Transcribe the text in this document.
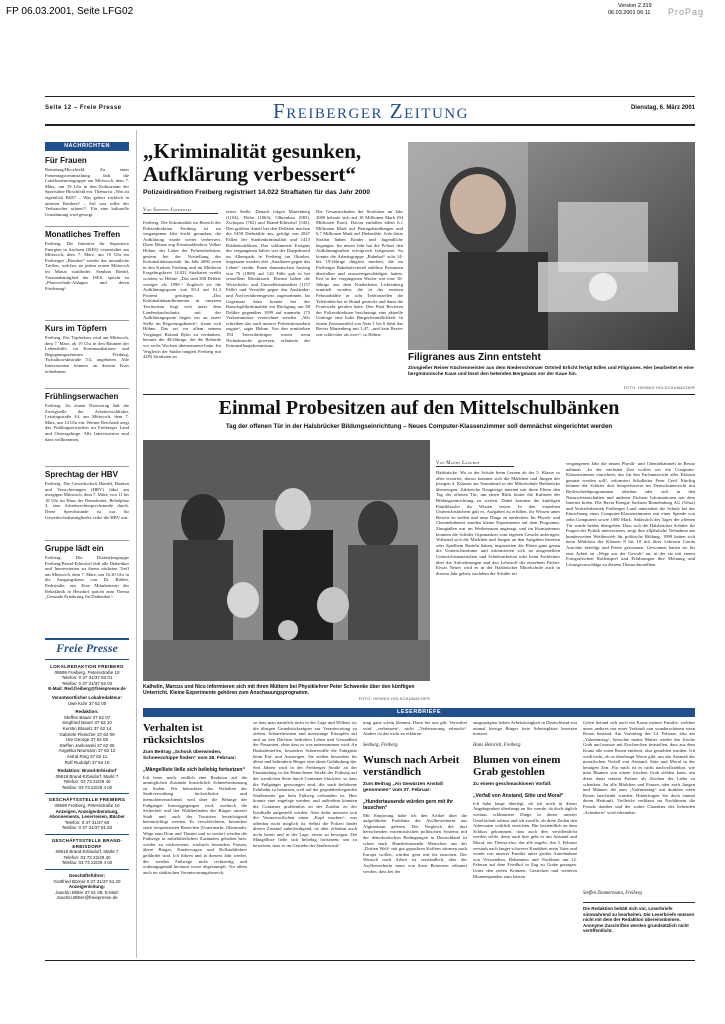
FP 06.03.2001, Seite LFG02	Version 2.319
06.03.2001 06:11 ProPag
Seite 12 – Freie Presse	Freiberger Zeitung	Dienstag, 6. März 2001
NACHRICHTEN
Für Frauen
Reinsberg/Hirschfeld. Zu einer Frauentagsveranstaltung lädt die Landfrauenortsgruppe am Mittwoch, dem 7. März, um 19 Uhr in den Kulturraum der Sportstätte Hirschfeld ein. Thema ist „Was ist eigentlich BSE? – Was gehört wirklich in unseren Kindern? – Auf was sollte der Verbraucher achten?“. Für eine kulturelle Umrahmung wird gesorgt.
Monatliches Treffen
Freiberg. Die Initiative für Separative Energien in Sachsen (ISES) veranstaltet am Mittwoch, dem 7. März, um 19 Uhr im Freiberger „Brauhof“ wieder das monatliche Treffen, welches an jedem ersten Mittwoch im Monat stattfindet. Stephan Riedel, Vorstandsmitglied der ISES, spricht zu „Photovoltaik-Anlagen und deren Förderung“.
Kurs im Töpfern
Freiberg. Ein Töpferkurs wird am Mittwoch, dem 7. März, ab 19 Uhr in den Räumen der Lebenshilfe, im Kommunikations- und Begegnungszentrum Freiberg, Tschaikowskistraße 5/2, angeboten. Alle Interessenten können an diesem Kurs teilnehmen.
Frühlingserwachen
Freiberg. Zu einem Diavortrag lädt die Zweigstelle der Arbeiterwohlfahrt, Leistingstraße 44, am Mittwoch, dem 7. März, um 14 Uhr ein. Werner Reichardt zeigt das Frühlingserwachen im Freiberger Land und Osterzgebirge. Alle Interessierten sind dazu willkommen.
Sprechtag der HBV
Freiberg. Die Gewerkschaft Handel, Banken und Versicherungen (HBV) führt am morgigen Mittwoch, dem 7. März, von 11 bis 18 Uhr im Haus der Demokratie, Behelplatz 3, eine Arbeitsrechtssprechstunde durch. Diese Sprechstunde ist nur für Gewerkschaftsmitglieder, teilte die HBV mit.
Gruppe lädt ein
Freiberg. Die Diabetikergruppe Freiberg/Brand-Erbisdorf lädt alle Diabetiker und Interessierten zu ihrem nächsten Treff am Mittwoch, dem 7. März, um 16.30 Uhr in die Ausgangsbasis von Dr. Röhler, Parkstraße, ein. Eine Mitarbeiterin der Rehaklinik in Hetzdorf spricht zum Thema „Gesunde Ernährung für Diabetiker“.
Freie Presse
LOKALREDAKTION FREIBERG
09599 Freiberg, Petersstraße 10
Telefon: 0 37 31/37 62 01
Telefax: 0 37 31/37 62 02
E-Mail: Red.freiberg@freiepresse.de
Verantwortlicher Lokalredakteur:
Uwe Kuhr 37 62 00
Redaktion:
Steffen Bauer 37 62 07
Siegfried Bauer 37 62 10
Kerstin Blosetz 37 62 14
Gabriele Fleischer 37 62 09
Ute George 37 62 05
Steffen Jankowski 37 62 06
Angelika Neumann 37 62 12
Astrid Ring 37 62 11
Rolf Rudolph 37 62 10
Redaktion: Brand-Erbisdorf
09618 Brand-Erbisdorf, Markt 7
Telefon: 03 73 22/29 40
Telefax: 03 73 22/29 4 02
GESCHÄFTSSTELLE FREIBERG
09599 Freiberg, Petersstraße 10
Anzeigen, Anzeigenberatung, Abonnements, Leserreisen, Bücher
Telefon: 0 37 31/37 60
Telefax: 0 37 31/37 61 82
GESCHÄFTSSTELLE BRAND-ERBISDORF
09618 Brand-Erbisdorf, Markt 7
Telefon: 03 73 22/29 40
Telefax: 03 73 22/29 4 02
Geschäftsführer:
Gottfried Börner 0 37 31/37 61 20
Anzeigenleitung:
Joachin Blitter 37 61 08, E-Mail:
Joachin.Blitter@freiepresse.de
„Kriminalität gesunken, Aufklärung verbessert“
Polizeidirektion Freiberg registriert 14.022 Straftaten für das Jahr 2000
Von Steffen Jankowski
Freiberg. Die Kriminalität im Bereich der Polizeidirektion Freiberg ist im vergangenen Jahr leicht gesunken, die Aufklärung wurde weiter verbessert. Diese Bilanz zog Kriminaldirektor Volker Höhne, der Leiter der Polizeidirektion, gestern bei der Vorstellung der Kriminalitätsstatistik. Im Jahr 2000 seien in den Kreisen Freiberg und im Mittleren Erzgebirgskreis 14.022 Straftaten verübt worden, so Höhne. „Das sind 300 Delikte weniger als 1999.“ Zugleich sei die Aufklärungsquote von 59,4 auf 61,3 Prozent gestiegen. „Das Kriminalitätsaufkommen in unserem Territorium liegt weit unter dem Landesdurchschnitt, mit der Aufklärungsquote liegen wir an erster Stelle im Regierungsbezirk“, freute sich Höhne. Das sei vor allem seinem Vorgänger Roland Ryko zu verdanken, betonte der 48-Jährige, der die Behörde vor sechs Wochen übernommen hatte. Im Vergleich der Städte rangiert Freiberg mit 4293 Straftaten an
erster Stelle. Danach folgen Marienberg (1104), Flöha (1063), Olbernhau (883), Zschopau (782) und Brand-Erbisdorf (543). Den größten Anteil bei den Delikten machen die 5458 Diebstähle aus, gefolgt von 2847 Fällen der Straßenkriminalität und 1413 Rohheitsdelikten. Das schlimmste Ereignis des vergangenen Jahres war der Doppelmord im Albertpark in Freiberg im Oktober, insgesamt wurden drei „Straftaten gegen das Leben“ verübt. Einen dramatischen Anstieg von 79 (1999) auf 126 Fälle gab es bei sexuellem Missbrauch. Ebenso haben die Wirtschafts- und Umweltkriminalität (1157 Fälle) und Verstöße gegen das Ausländer- und Asylverfahrensgesetz zugenommen. Im Gegensatz dazu konnte bei der Rauschgiftkriminalität ein Rückgang um 80 Delikte gegenüber 1999 auf nunmehr 173 Vorkommnisse verzeichnet werden. „Wir schreiben das auch unserer Präventionsarbeit zugute“, sagte Höhne. Von den ermittelten 194 Tatverdächtigen waren neun Nichtdeutsche gewesen, erläuterte der Kriminalhauptkommissar.
Der Gesamtschaden der Straftaten im Jahr 2000 belaufe sich auf 18 Millionen Mark (94 Millionen Euro). Davon entfallen allein 6,1 Millionen Mark auf Betrugshandlungen und 6,7 Millionen Mark auf Diebstähle. Jede dritte Straftat haben Kinder und Jugendliche begangen. Im neuen Jahr hat die Polizei den Aufklärungsarbeit erfolgreich fortgesetzt. So konnte die Arbeitsgruppe „Bahnhof“ acht 14- bis 19-Jährige dingfest machen, die im Freiberger Bahnhofsviertel zahllose Passanten überfallen und rauswerngeschädigen hatten. Erst in der vergangenen Woche war eine 16-Jährige aus dem Kinderheim Lichtenberg ermittelt worden, die in der zweiten Februarhälfte in acht Telefonzellen die Telefonbücher in Brand gesteckt und dann die Feuerwehr gerufen hatte. Den Fünf Revieren der Polizeidirektion bescheinigt eine aktuelle Umfrage eine hohe Bürgerfreundlichkeit. In einem Zensurenfeld von Note 1 bis 6 führt das Revier Marienberg mit 1,47, „und kein Revier war schlechter als zwei“, so Höhne.
Filigranes aus Zinn entsteht
Zinngießer Reiner Küchenmeister aus dem Niederschönaer Ortsteil Erlicht fertigt Edles und Filigranes. Hier bearbeitet er eine bergmännische Kaue und lässt den betenden Bergmann vor der Kaue hin.
FOTO: HENNIG HOLSCHUMACHER
Einmal Probesitzen auf den Mittelschulbänken
Tag der offenen Tür in der Halsbrücker Bildungseinrichtung – Neues Computer-Klassenzimmer soll demnächst eingerichtet werden
Kathelin, Marcus und Nico informieren sich mit ihren Müttern bei Physiklehrer Peter Schwenke über den künftigen Unterricht. Kleine Experimente gehören zum Anschauungsprogramm.
FOTO: HENNIG HOLSCHUMACHER
Von Mandy Langhof
Halsbrücke. Wo in der Schule beim Lernen ab der 5. Klasse so alles erwartet, davon konnten sich die Mädchen und Jungen der jetzigen 4. Klassen am Sonnabend in der Mittelschule Halsbrücke überzeugen. Zahlreiche Neugierige nutzten mit ihren Eltern den Tag der offenen Tür, um einen Blick hinter die Kulissen der Bildungseinrichtung zu werfen. Dabei konnten die künftigen Fünftklässler ihr Wissen testen. In den einzelnen Unterrichtsfächern galt es, Aufgaben zu erfüllen, ihr Wissen unter Beweis zu stellen und neue Dinge zu entdecken. Im Physik- und Chemiekabinett standen kleine Experimente auf dem Programm. Zinngießen war im Werkenraum angesagt, und im Kunstzimmer konnten die Schüler Gipsmasken vom eigenen Gesicht anfertigen. Während sich die Mädchen und Jungen an den Aufgaben bereiten oder Spielbein Basteln hatten, inspizierten die Eltern ganz genau die Unterrichtsräume und informierten sich an ausgestellten Unterrichtsmaterialien und Schülerarbeiten oder beim Fachlehrer über die Anforderungen und den Lehrstoff der einzelnen Fächer. Etwas Neues wird es in der Halsbrücker Mittelschule auch in diesem Jahr geben, nachdem die Schüler im
vergangenen Jahr die neuen Physik- und Chemiekabinett in Besitz nahmen. „In der nächsten Zeit wollen wir ein Computer-Klassenzimmer einrichten, das für den Fachunterricht aller Klassen genutzt werden soll“, informiert Schulleiter Peter Gerd. Künftig können die Schüler dort beispielsweise im Deutschunterricht mit Rechtschreibprogrammen arbeiten oder sich in den Naturwissenschaften und anderen Fächern Informationen aus dem Internet holen. Die Bavia Energie Sachsen Brandenburg AG (Vesta) und Vertriebsbetrieb Freiberger Land unterstützt die Schule bei der Einrichtung eines Computer-Klassenzimmers mit einer Spende von zehn Computern sowie 1000 Mark. Anlässlich des Tages der offenen Tür wurde beides übergeben. Dass sich die Halsbrücker Schüler für Fragen der Politik interessieren, zeigt ihre alljährliche Teilnahme am bundesweiten Wettbewerb für politische Bildung. 1999 hatten sich neun Mädchen der Klassen 8 bis 10 mit ihrer Lehrerin Carola Auschitz beteiligt und Preise gewonnen. Gewonnen hatten sie für eine Arbeit zu „Wege aus der Gewalt“ an, in der sie mit einem Fotografischen Rollenspiel und Erfahrungen ihre Meinung und Lösungsvorschläge zu diesem Thema darstellten.
LESERBRIEFE
Verhalten ist rücksichtslos
Zum Beitrag „Schock überwinden, Schneeschippe finden“ vom 28. Februar:
„Mängelliste ließe sich beliebig fortsetzen“
Ich freue mich, endlich eine Reaktion auf die unmöglichen Zustände hinsichtlich Schneeberäumung zu finden. Wir betrachten das Verhalten der Stadtverwaltung rücksichtslos und menschenverachtend, weil über die Belange der Fußgänger hinweggegangen wird, wodurch die Sicherheit und das Wohlbefinden der Bürger unserer Stadt und auch der Touristen beträchtigend beeinträchtigt werden. Es verschlechtern, besonders stark frequentierten Bereichen (Untermarkt, Obermarkt, Wege zum Dom und Theater und so weiter) werden die Fußwege in mittelalterlichen Zuständen gehalten bzw. wieder zu rückversetzt, wodurch besonders Frauen, ältere Bürger, Kinderwagen und Rollstuhlfahrer gefährdet sind. Ich führen und in diesem Jahr wieder, der werden Fußwege nicht rechtzeitig und ordnungsgemäß beräumt sowie abgestumpft. Vor allem auch im städtischen Verantwortungsbereich,
so dass man natürlich nicht in der Lage und Willens ist, die übrigen Grundstückseigner zur Verantwortung zu ziehen. Schneelawinen und metertange Eiszapfen auf und an den Dächern bedrohen Leben und Gesundheit der Passanten, ohne dass es was unternommen wird. An Bushaltestellen, besonders Schneewälle die Fahrgäste beim Ein- und Aussteigen. Sie stellen besonders für ältere und behinderte Bürger eine akute Gefährdung dar. Seit Jahren wird in der Freiberger Straße an der Einmündung in die Hainichener Straße der Fußweg auf der westlichen Seite durch Container blockiert, so dass die Fußgänger gezwungen sind, die stark befahrene Fahrbahn zu benutzen, weil auf der gegenüberliegenden Straßenseite gar kein Fußweg vorhanden ist. Hier konnte eine engelege werden, und außerdem könnten die Container problemlos an der Zufahrt zu der Kaufhalle aufgestellt werden. Aber dafür müssten sich die Verantwortlichen einen „Kopf machen“, was offenbar nicht möglich ist. Selbst die Polizei findet diesen Zustand anbefriedigend, ist aber offenbar auch nicht bereit und in der Lage, etwas zu bewegen. Die Mängelliste ließe sich beliebig fortsetzen, um zu beweisen, dass es im Getriebe der Stadtverwal-
tung ganz schön klemmt. Denn bei uns gilt: Verwaltet wird „verbessern“, nicht „Verbesserung erbracht“. Anders ist das nicht zu erklären.
Seeburg, Freiberg
Wunsch nach Arbeit verständlich
Zum Beitrag „An Gewürzen Anstoß genommen“ vom 27. Februar:
„Hundertausende würden gern mit ihr tauschen“
Mit Empörung habe ich den Artikel über die aufgeführten Probleme der Asylbewerberin aus Afghanistan gelesen. Der Vergleich des dort herrschenden extremistischen politischen Systems mit der demokratischen Bedingungen in Deutschland ist schon stark. Hunderttausende Menschen aus der „Dritten Welt“ mit gut gepackten Koffern stürmen nach Europa wollen, würden gern mit ihr tauschen. Der Wunsch nach Arbeit ist verständlich, aber der Asylbewerberin muss von ihren Betreuern erläutert werden, dass bei der
ausgeprägten hohen Arbeitslosigkeit in Deutschland erst einmal hiesige Bürger freie Arbeitsplätze besetzen müssen.
Hans Heinrich, Freiberg
Blumen von einem Grab gestohlen
Zu einem geschmacklosen Vorfall:
„Verfall von Anstand, Sitte und Moral“
Ich habe lange überlegt, ob ich mich in dieser Angelegenheit überhaupt an Sie wende, da doch täglich weitaus schlimmere Dinge in dieser unserer Gesellschaft zulässt und ich zweifle, ob diese Zeilen den Adressaten wirklich erreichen. Bin letztendlich zu dem Schluss gekommen, dass auch dies veröffentlicht werden sollte, denn auch hier geht es um Anstand und Moral, ein Thema also, das alle angeht. Am 5. Februar verstarb nach langer schwerer Krankheit mein Vater und wurde von unserer Familie unter großer Anteilnahme von Verwandten, Bekannten und Nachbarn am 12. Februar auf dem Friedhof in Zug zu Grabe getragen. Unter den vielen Kränzen, Gestecken und weiteren Blumenspenden zum letzten
Geleit befand sich auch ein Kranz meiner Familie, welcher unser anderes nur einer Verkauft von wunderschönen roten Rosen bestand. Am Vormittag des 14. Februar, also am „Valentinstag“, besuchte meine Mutter wieder das frische Grab und musste mit Erschrecken feststellen, dass aus dem Kranz alle roten Rosen entfernt, also gestohlen wurden. Ich weiß nicht, ob es überhaupt Worte gibt, um das Ausmaß der moralischen Verfall von Anstand, Sitte und Moral in der heutigen Zeit. Für mich ist es nicht nachvollziehbar, wie man Blumen von einem frischen Grab stehlen kann, um diese dann seinem Partner als Zeichen der Liebe zu schenken. An alle Mädchen und Frauen, oder auch Jungen und Männer, die zum „Valentinstag“ mit dunklen roten Rosen beschenkt wurden: Hinterfragen Sie doch einmal deren Herkunft. Vielleicht verblasst im Nachhinein die Freude darüber und der wahre Charakter des liebenden „Schenkers“ wird erkennbar.
Steffen Zimmermann, Freiberg
Die Redaktion behält sich vor, Leserbriefe sinnwahrend zu bearbeiten. Die Leserbriefe müssen nicht mit dem der Redaktion übereinstimmen. Anonyme Zuschriften werden grundsätzlich nicht veröffentlicht.
